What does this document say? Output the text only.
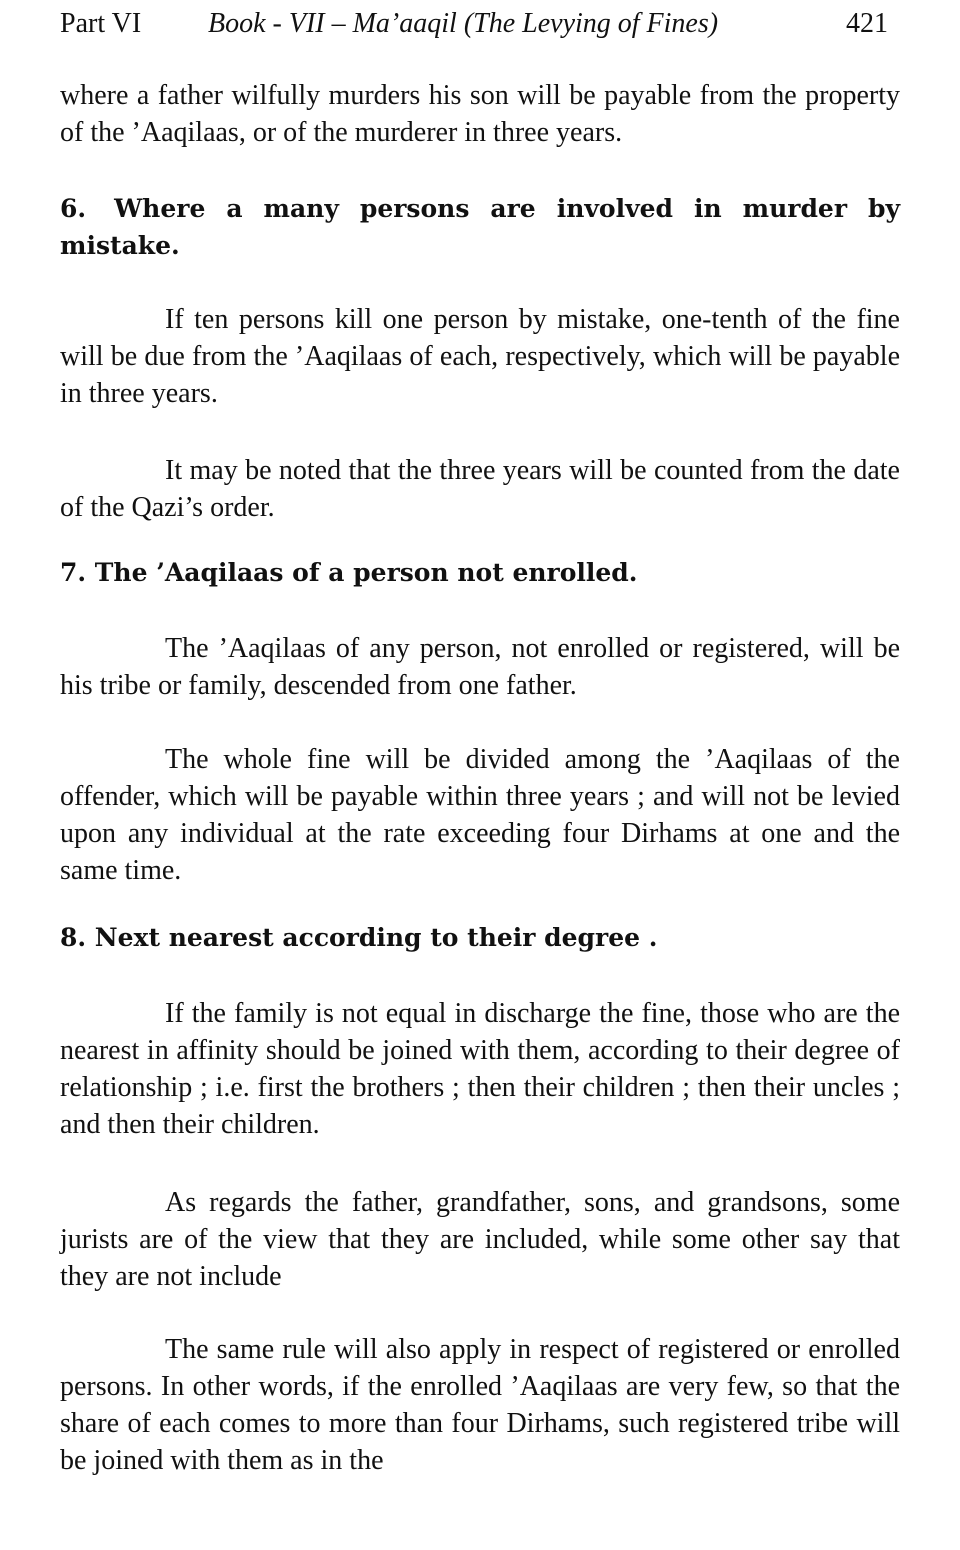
Part VI Book - VII – Ma’aaqil (The Levying of Fines)	421

where a father wilfully murders his son will be payable from the property of the ’Aaqilaas, or of the murderer in three years.

6. Where a many persons are involved in murder by mistake.

If ten persons kill one person by mistake, one-tenth of the fine will be due from the ’Aaqilaas of each, respectively, which will be payable in three years.

It may be noted that the three years will be counted from the date of the Qazi’s order.

7. The ’Aaqilaas of a person not enrolled.

The ’Aaqilaas of any person, not enrolled or registered, will be his tribe or family, descended from one father.

The whole fine will be divided among the ’Aaqilaas of the offender, which will be payable within three years ; and will not be levied upon any individual at the rate exceeding four Dirhams at one and the same time.

8. Next nearest according to their degree .

If the family is not equal in discharge the fine, those who are the nearest in affinity should be joined with them, according to their degree of relationship ; i.e. first the brothers ; then their children ; then their uncles ; and then their children.

As regards the father, grandfather, sons, and grandsons, some jurists are of the view that they are included, while some other say that they are not include

The same rule will also apply in respect of registered or enrolled persons. In other words, if the enrolled ’Aaqilaas are very few, so that the share of each comes to more than four Dirhams, such registered tribe will be joined with them as in the
